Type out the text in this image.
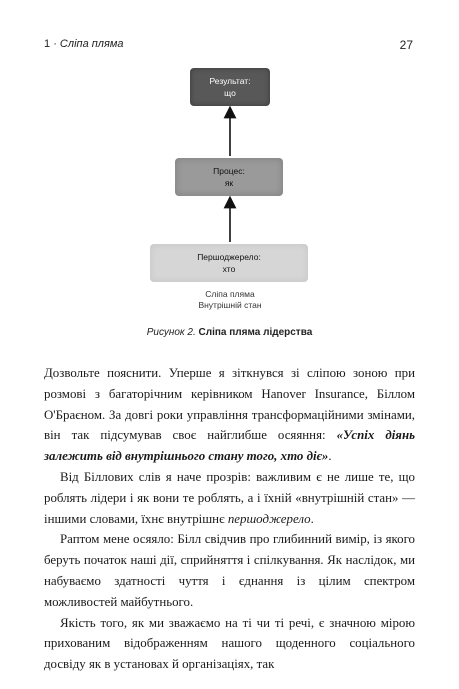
1 · Сліпа пляма	27
Результат:
що
Процес:
як
Першоджерело:
хто
Сліпа пляма
Внутрішній стан
Рисунок 2. Сліпа пляма лідерства

Дозвольте пояснити. Уперше я зіткнувся зі сліпою зоною при розмові з багаторічним керівником Hanover Insurance, Біллом О'Браєном. За довгі роки управління трансформаційними змінами, він так підсумував своє найглибше осяяння: «Успіх діянь залежить від внутрішнього стану того, хто діє».

Від Біллових слів я наче прозрів: важливим є не лише те, що роблять лідери і як вони те роблять, а і їхній «внутрішній стан» — іншими словами, їхнє внутрішнє першоджерело.

Раптом мене осяяло: Білл свідчив про глибинний вимір, із якого беруть початок наші дії, сприйняття і спілкування. Як наслідок, ми набуваємо здатності чуття і єднання із цілим спектром можливостей майбутнього.

Якість того, як ми зважаємо на ті чи ті речі, є значною мірою прихованим відображенням нашого щоденного соціального досвіду як в установах й організаціях, так
